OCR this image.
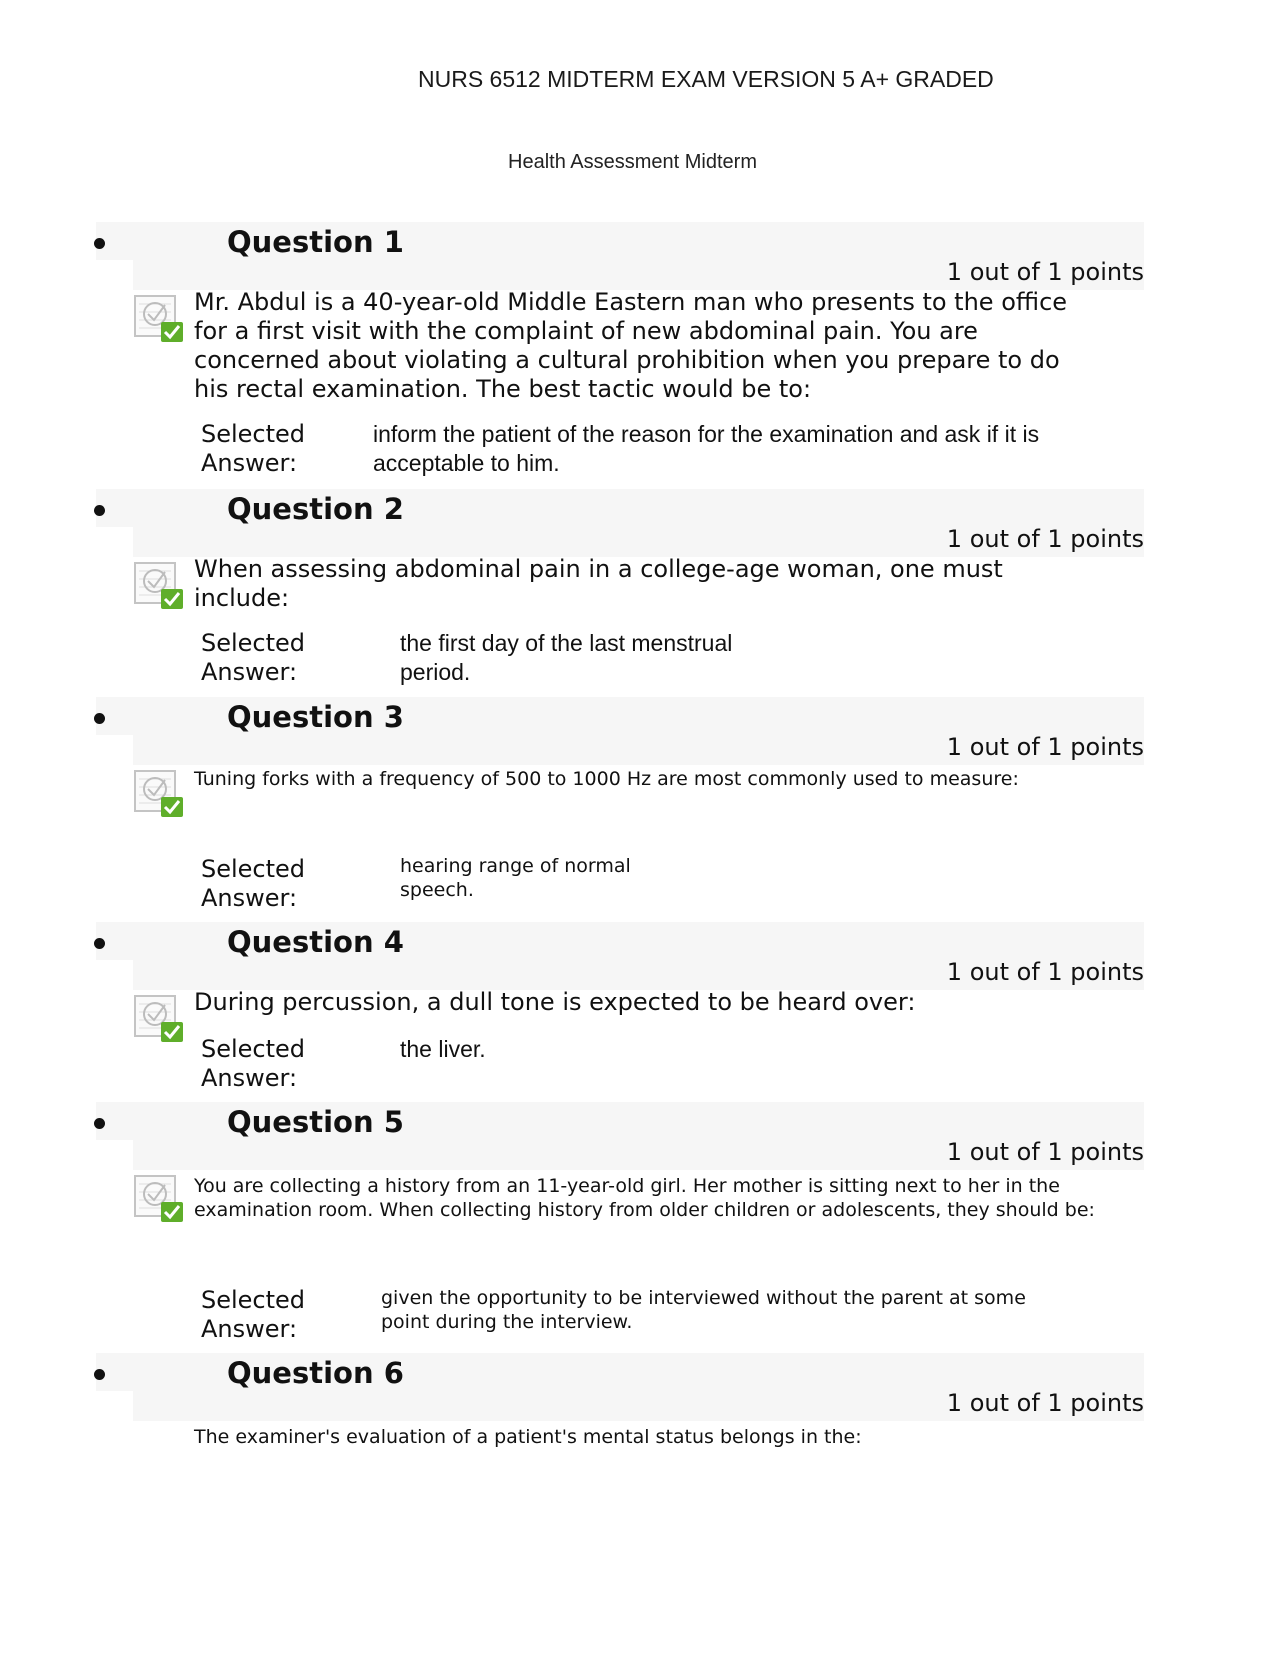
NURS 6512 MIDTERM EXAM VERSION 5 A+ GRADED
Health Assessment Midterm
Question 1
1 out of 1 points
Mr. Abdul is a 40-year-old Middle Eastern man who presents to the office for a first visit with the complaint of new abdominal pain. You are concerned about violating a cultural prohibition when you prepare to do his rectal examination. The best tactic would be to:
Selected Answer:
inform the patient of the reason for the examination and ask if it is acceptable to him.
Question 2
1 out of 1 points
When assessing abdominal pain in a college-age woman, one must include:
Selected Answer:
the first day of the last menstrual period.
Question 3
1 out of 1 points
Tuning forks with a frequency of 500 to 1000 Hz are most commonly used to measure:
Selected Answer:
hearing range of normal speech.
Question 4
1 out of 1 points
During percussion, a dull tone is expected to be heard over:
Selected Answer:
the liver.
Question 5
1 out of 1 points
You are collecting a history from an 11-year-old girl. Her mother is sitting next to her in the examination room. When collecting history from older children or adolescents, they should be:
Selected Answer:
given the opportunity to be interviewed without the parent at some point during the interview.
Question 6
1 out of 1 points
The examiner's evaluation of a patient's mental status belongs in the:
